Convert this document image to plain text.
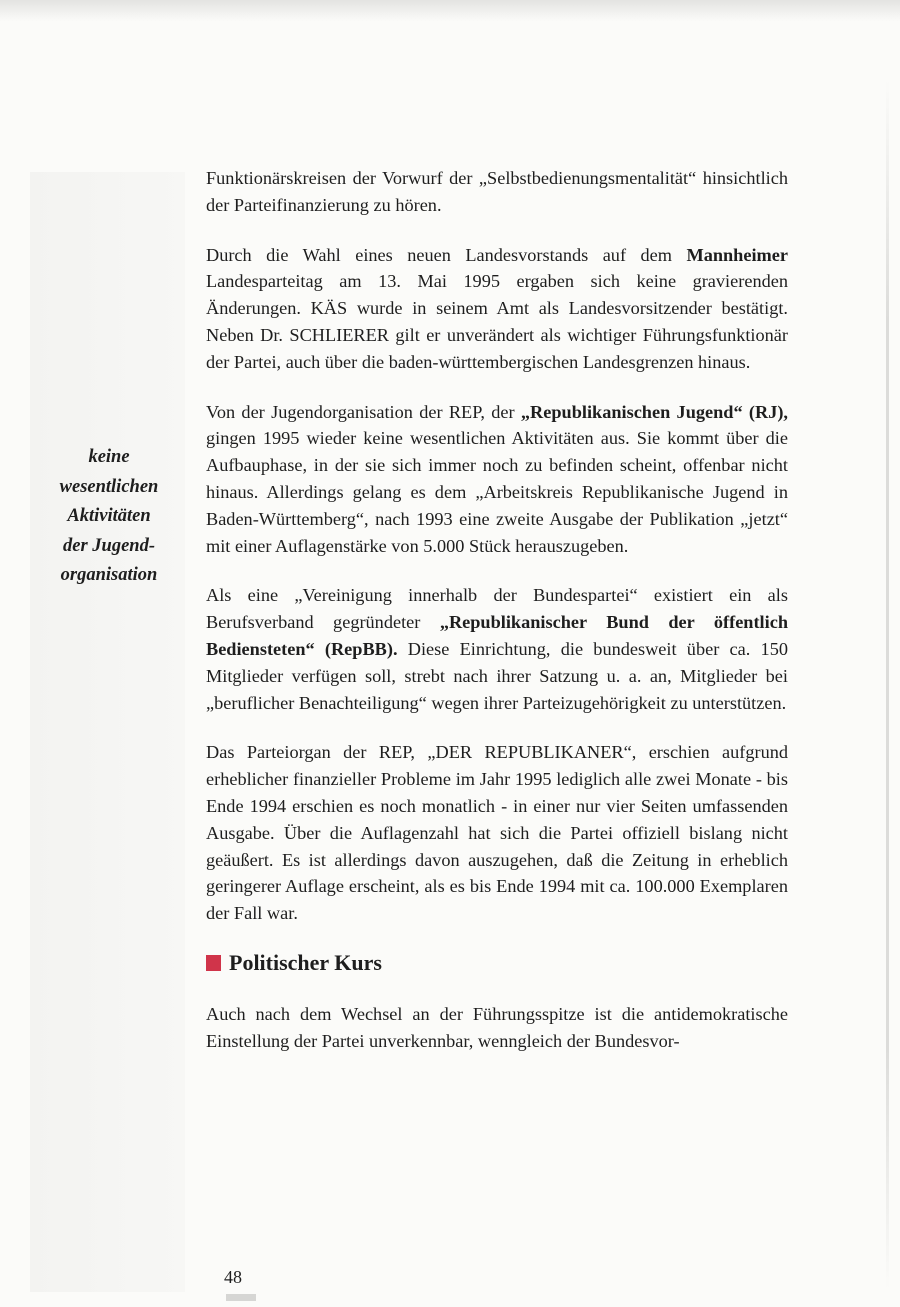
keine
wesentlichen
Aktivitäten
der Jugend-
organisation

Funktionärskreisen der Vorwurf der „Selbstbedienungsmentalität“ hinsichtlich der Parteifinanzierung zu hören.

Durch die Wahl eines neuen Landesvorstands auf dem Mannheimer Landesparteitag am 13. Mai 1995 ergaben sich keine gravierenden Änderungen. KÄS wurde in seinem Amt als Landesvorsitzender bestätigt. Neben Dr. SCHLIERER gilt er unverändert als wichtiger Führungsfunktionär der Partei, auch über die baden-württembergischen Landesgrenzen hinaus.

Von der Jugendorganisation der REP, der „Republikanischen Jugend“ (RJ), gingen 1995 wieder keine wesentlichen Aktivitäten aus. Sie kommt über die Aufbauphase, in der sie sich immer noch zu befinden scheint, offenbar nicht hinaus. Allerdings gelang es dem „Arbeitskreis Republikanische Jugend in Baden-Württemberg“, nach 1993 eine zweite Ausgabe der Publikation „jetzt“ mit einer Auflagenstärke von 5.000 Stück herauszugeben.

Als eine „Vereinigung innerhalb der Bundespartei“ existiert ein als Berufsverband gegründeter „Republikanischer Bund der öffentlich Bediensteten“ (RepBB). Diese Einrichtung, die bundesweit über ca. 150 Mitglieder verfügen soll, strebt nach ihrer Satzung u. a. an, Mitglieder bei „beruflicher Benachteiligung“ wegen ihrer Parteizugehörigkeit zu unterstützen.

Das Parteiorgan der REP, „DER REPUBLIKANER“, erschien aufgrund erheblicher finanzieller Probleme im Jahr 1995 lediglich alle zwei Monate - bis Ende 1994 erschien es noch monatlich - in einer nur vier Seiten umfassenden Ausgabe. Über die Auflagenzahl hat sich die Partei offiziell bislang nicht geäußert. Es ist allerdings davon auszugehen, daß die Zeitung in erheblich geringerer Auflage erscheint, als es bis Ende 1994 mit ca. 100.000 Exemplaren der Fall war.

Politischer Kurs

Auch nach dem Wechsel an der Führungsspitze ist die antidemokratische Einstellung der Partei unverkennbar, wenngleich der Bundesvor-

48
